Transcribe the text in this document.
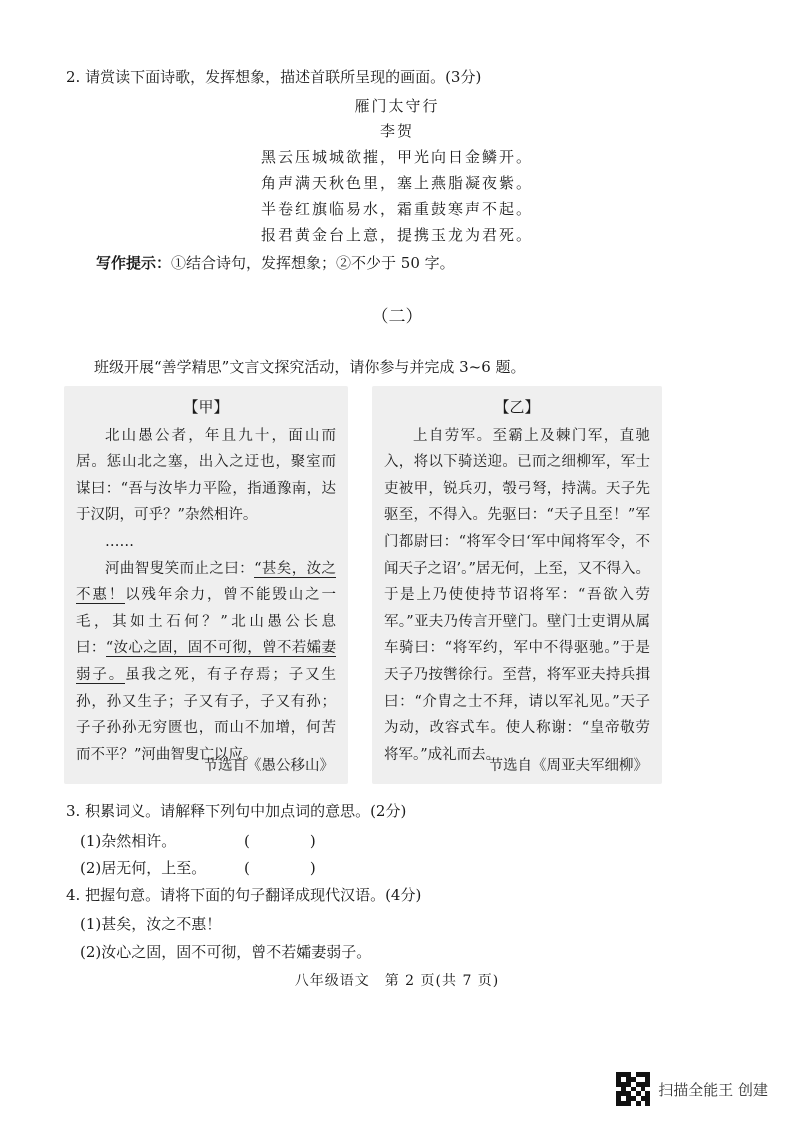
2. 请赏读下面诗歌，发挥想象，描述首联所呈现的画面。(3分)
雁门太守行
李贺
黑云压城城欲摧，甲光向日金鳞开。
角声满天秋色里，塞上燕脂凝夜紫。
半卷红旗临易水，霜重鼓寒声不起。
报君黄金台上意，提携玉龙为君死。
写作提示：①结合诗句，发挥想象；②不少于 50 字。
（二）
班级开展“善学精思”文言文探究活动，请你参与并完成 3~6 题。
【甲】

北山愚公者，年且九十，面山而居。惩山北之塞，出入之迂也，聚室而谋曰：“吾与汝毕力平险，指通豫南，达于汉阴，可乎？”杂然相许。

……

河曲智叟笑而止之曰：“甚矣，汝之不惠！以残年余力，曾不能毁山之一毛，其如土石何？”北山愚公长息曰：“汝心之固，固不可彻，曾不若孀妻弱子。虽我之死，有子存焉；子又生孙，孙又生子；子又有子，子又有孙；子子孙孙无穷匮也，而山不加增，何苦而不平？”河曲智叟亡以应。

节选自《愚公移山》
【乙】

上自劳军。至霸上及棘门军，直驰入，将以下骑送迎。已而之细柳军，军士吏被甲，锐兵刃，彀弓弩，持满。天子先驱至，不得入。先驱曰：“天子且至！”军门都尉曰：“将军令曰‘军中闻将军令，不闻天子之诏’。”居无何，上至，又不得入。于是上乃使使持节诏将军：“吾欲入劳军。”亚夫乃传言开壁门。壁门士吏谓从属车骑曰：“将军约，军中不得驱驰。”于是天子乃按辔徐行。至营，将军亚夫持兵揖曰：“介胄之士不拜，请以军礼见。”天子为动，改容式车。使人称谢：“皇帝敬劳将军。”成礼而去。

节选自《周亚夫军细柳》
3. 积累词义。请解释下列句中加点词的意思。(2分)
(1)杂然相许。	(　　　　)
(2)居无何，上至。	(　　　　)
4. 把握句意。请将下面的句子翻译成现代汉语。(4分)
(1)甚矣，汝之不惠！
(2)汝心之固，固不可彻，曾不若孀妻弱子。
八年级语文　第 2 页(共 7 页)
扫描全能王 创建
